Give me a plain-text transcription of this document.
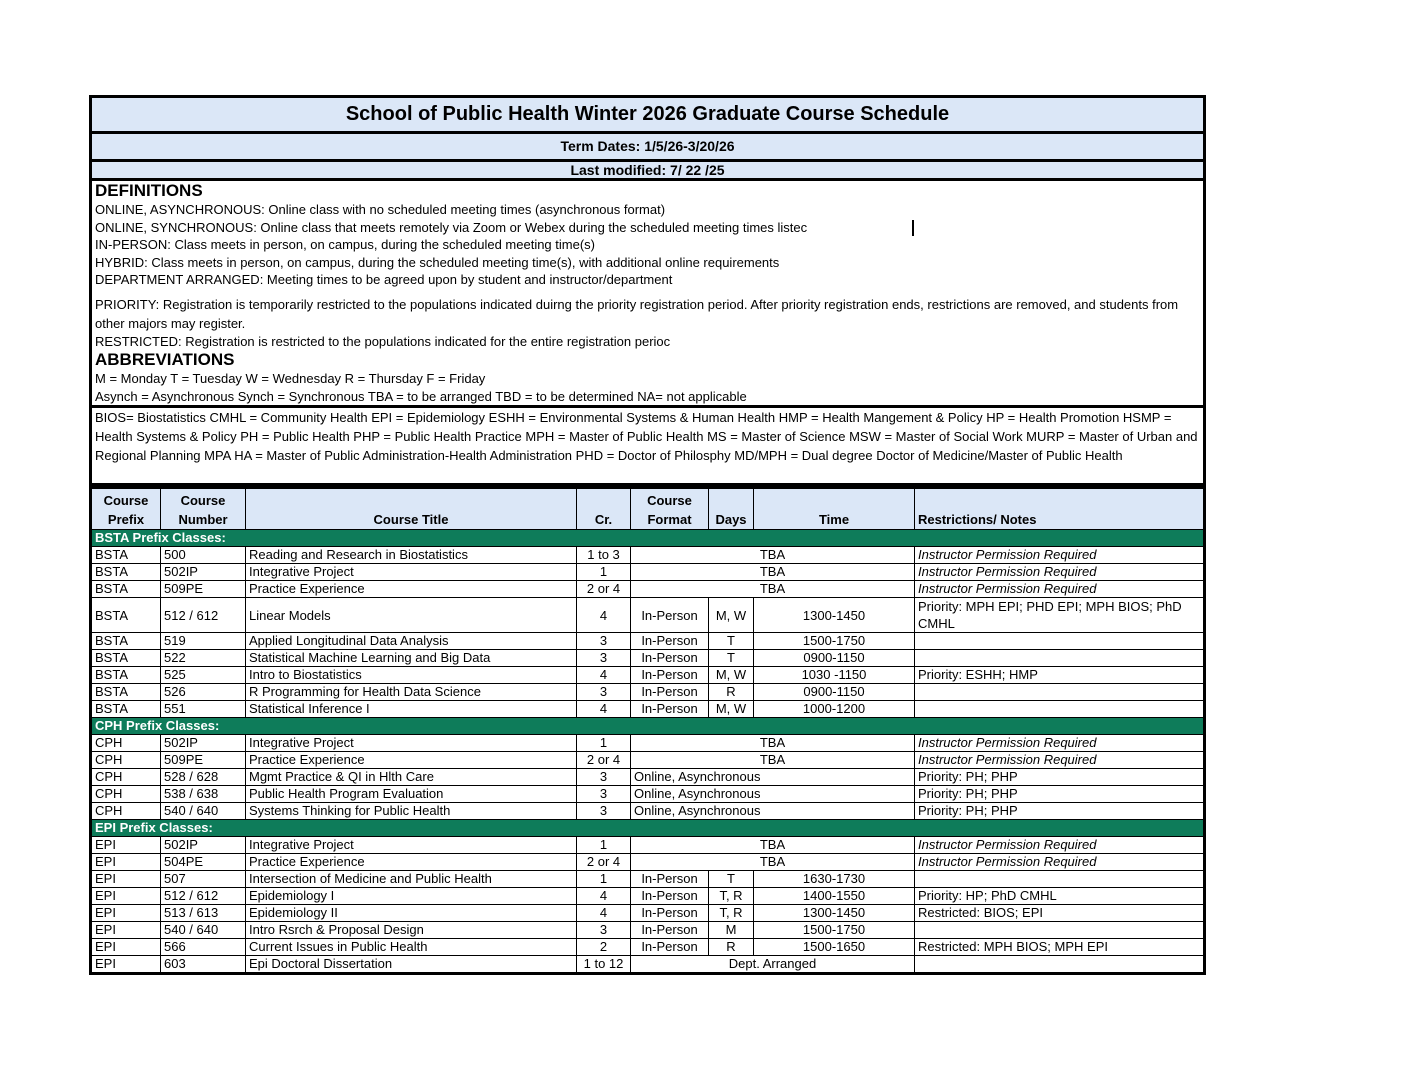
School of Public Health Winter 2026 Graduate Course Schedule
Term Dates: 1/5/26-3/20/26
Last modified: 7/ 22 /25
DEFINITIONS
ONLINE, ASYNCHRONOUS: Online class with no scheduled meeting times (asynchronous format)
ONLINE, SYNCHRONOUS: Online class that meets remotely via Zoom or Webex during the scheduled meeting times listec
IN-PERSON: Class meets in person, on campus, during the scheduled meeting time(s)
HYBRID: Class meets in person, on campus, during the scheduled meeting time(s), with additional online requirements
DEPARTMENT ARRANGED: Meeting times to be agreed upon by student and instructor/department
PRIORITY: Registration is temporarily restricted to the populations indicated duirng the priority registration period. After priority registration ends, restrictions are removed, and students from other majors may register.
RESTRICTED: Registration is restricted to the populations indicated for the entire registration perioc
ABBREVIATIONS
M = Monday T = Tuesday W = Wednesday R = Thursday F = Friday
Asynch = Asynchronous Synch = Synchronous TBA = to be arranged TBD = to be determined NA= not applicable
BIOS= Biostatistics CMHL = Community Health EPI = Epidemiology ESHH = Environmental Systems & Human Health HMP = Health Mangement & Policy HP = Health Promotion HSMP = Health Systems & Policy PH = Public Health PHP = Public Health Practice MPH = Master of Public Health MS = Master of Science MSW = Master of Social Work MURP = Master of Urban and Regional Planning MPA HA = Master of Public Administration-Health Administration PHD = Doctor of Philosphy MD/MPH = Dual degree Doctor of Medicine/Master of Public Health
Course Prefix	Course Number	Course Title	Cr.	Course Format	Days	Time	Restrictions/ Notes
BSTA Prefix Classes:							
BSTA	500	Reading and Research in Biostatistics	1 to 3	TBA			Instructor Permission Required
BSTA	502IP	Integrative Project	1	TBA			Instructor Permission Required
BSTA	509PE	Practice Experience	2 or 4	TBA			Instructor Permission Required
BSTA	512 / 612	Linear Models	4	In-Person	M, W	1300-1450	Priority: MPH EPI; PHD EPI; MPH BIOS; PhD CMHL
BSTA	519	Applied Longitudinal Data Analysis	3	In-Person	T	1500-1750	
BSTA	522	Statistical Machine Learning and Big Data	3	In-Person	T	0900-1150	
BSTA	525	Intro to Biostatistics	4	In-Person	M, W	1030 -1150	Priority: ESHH; HMP
BSTA	526	R Programming for Health Data Science	3	In-Person	R	0900-1150	
BSTA	551	Statistical Inference I	4	In-Person	M, W	1000-1200	
CPH Prefix Classes:							
CPH	502IP	Integrative Project	1	TBA			Instructor Permission Required
CPH	509PE	Practice Experience	2 or 4	TBA			Instructor Permission Required
CPH	528 / 628	Mgmt Practice & QI in Hlth Care	3	Online, Asynchronous			Priority: PH; PHP
CPH	538 / 638	Public Health Program Evaluation	3	Online, Asynchronous			Priority: PH; PHP
CPH	540 / 640	Systems Thinking for Public Health	3	Online, Asynchronous			Priority: PH; PHP
EPI Prefix Classes:							
EPI	502IP	Integrative Project	1	TBA			Instructor Permission Required
EPI	504PE	Practice Experience	2 or 4	TBA			Instructor Permission Required
EPI	507	Intersection of Medicine and Public Health	1	In-Person	T	1630-1730	
EPI	512 / 612	Epidemiology I	4	In-Person	T, R	1400-1550	Priority: HP; PhD CMHL
EPI	513 / 613	Epidemiology II	4	In-Person	T, R	1300-1450	Restricted: BIOS; EPI
EPI	540 / 640	Intro Rsrch & Proposal Design	3	In-Person	M	1500-1750	
EPI	566	Current Issues in Public Health	2	In-Person	R	1500-1650	Restricted: MPH BIOS; MPH EPI
EPI	603	Epi Doctoral Dissertation	1 to 12	Dept. Arranged			
